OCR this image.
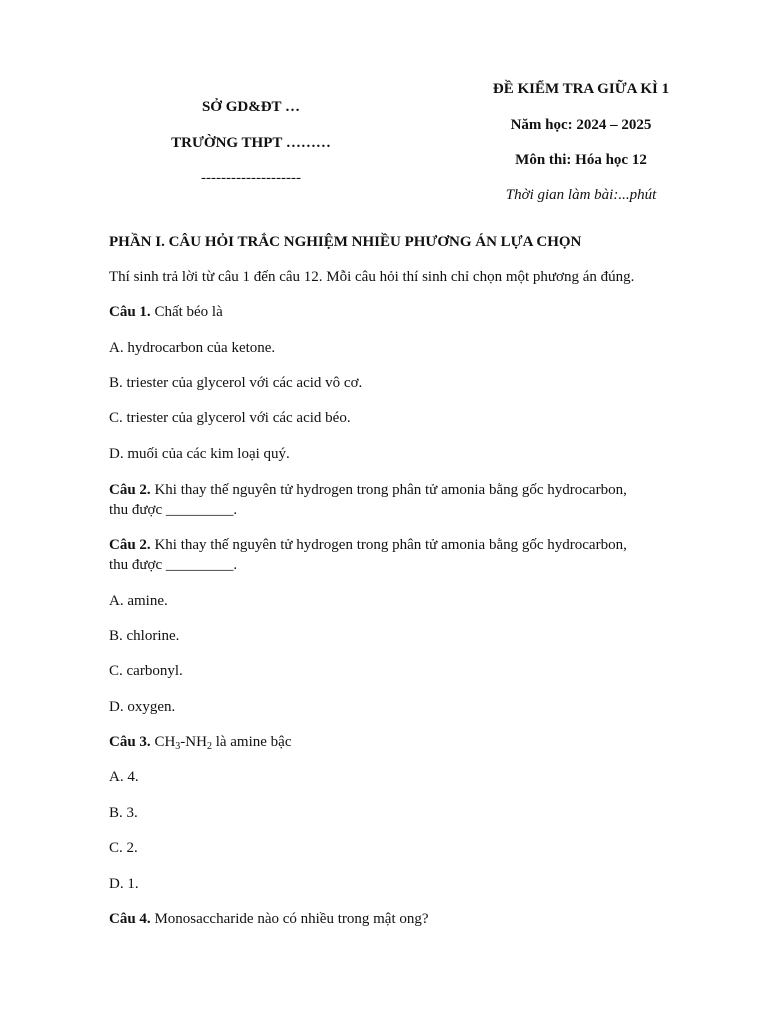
SỞ GD&ĐT …
TRƯỜNG THPT ………
--------------------
ĐỀ KIỂM TRA GIỮA KÌ 1
Năm học: 2024 – 2025
Môn thi: Hóa học 12
Thời gian làm bài:...phút
PHẦN I. CÂU HỎI TRẮC NGHIỆM NHIỀU PHƯƠNG ÁN LỰA CHỌN
Thí sinh trả lời từ câu 1 đến câu 12. Mỗi câu hỏi thí sinh chỉ chọn một phương án đúng.
Câu 1. Chất béo là
A. hydrocarbon của ketone.
B. triester của glycerol với các acid vô cơ.
C. triester của glycerol với các acid béo.
D. muối của các kim loại quý.
Câu 2. Khi thay thế nguyên tử hydrogen trong phân tử amonia bằng gốc hydrocarbon,
thu được _________.
Câu 2. Khi thay thế nguyên tử hydrogen trong phân tử amonia bằng gốc hydrocarbon,
thu được _________.
A. amine.
B. chlorine.
C. carbonyl.
D. oxygen.
Câu 3. $CH_3-NH_2$ là amine bậc
A. 4.
B. 3.
C. 2.
D. 1.
Câu 4. Monosaccharide nào có nhiều trong mật ong?
